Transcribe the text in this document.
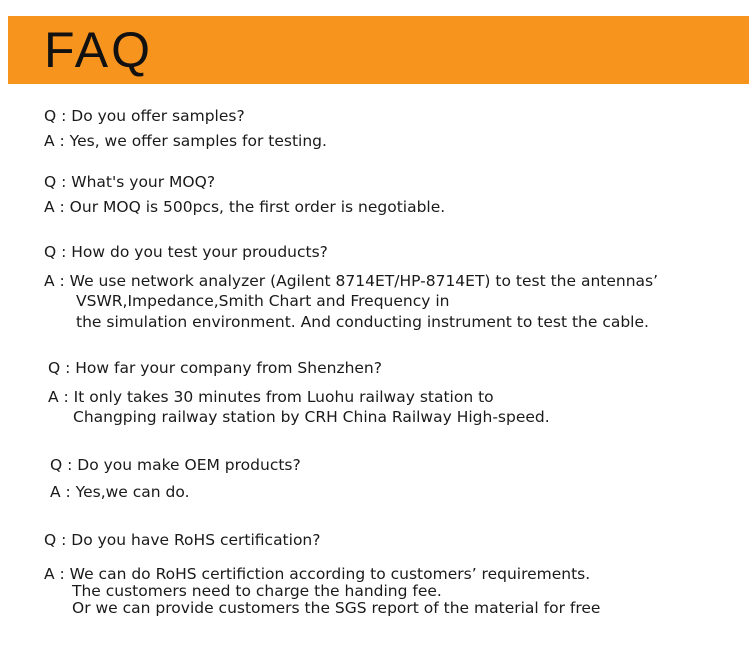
FAQ
Q : Do you offer samples?
A : Yes, we offer samples for testing.
Q : What's your MOQ?
A : Our MOQ is 500pcs, the first order is negotiable.
Q : How do you test your prouducts?
A : We use network analyzer (Agilent 8714ET/HP-8714ET) to test the antennas’
VSWR,Impedance,Smith Chart and Frequency in
the simulation environment. And conducting instrument to test the cable.
Q : How far your company from Shenzhen?
A : It only takes 30 minutes from Luohu railway station to
Changping railway station by CRH China Railway High-speed.
Q : Do you make OEM products?
A : Yes,we can do.
Q : Do you have RoHS certification?
A : We can do RoHS certifiction according to customers’ requirements.
The customers need to charge the handing fee.
Or we can provide customers the SGS report of the material for free
